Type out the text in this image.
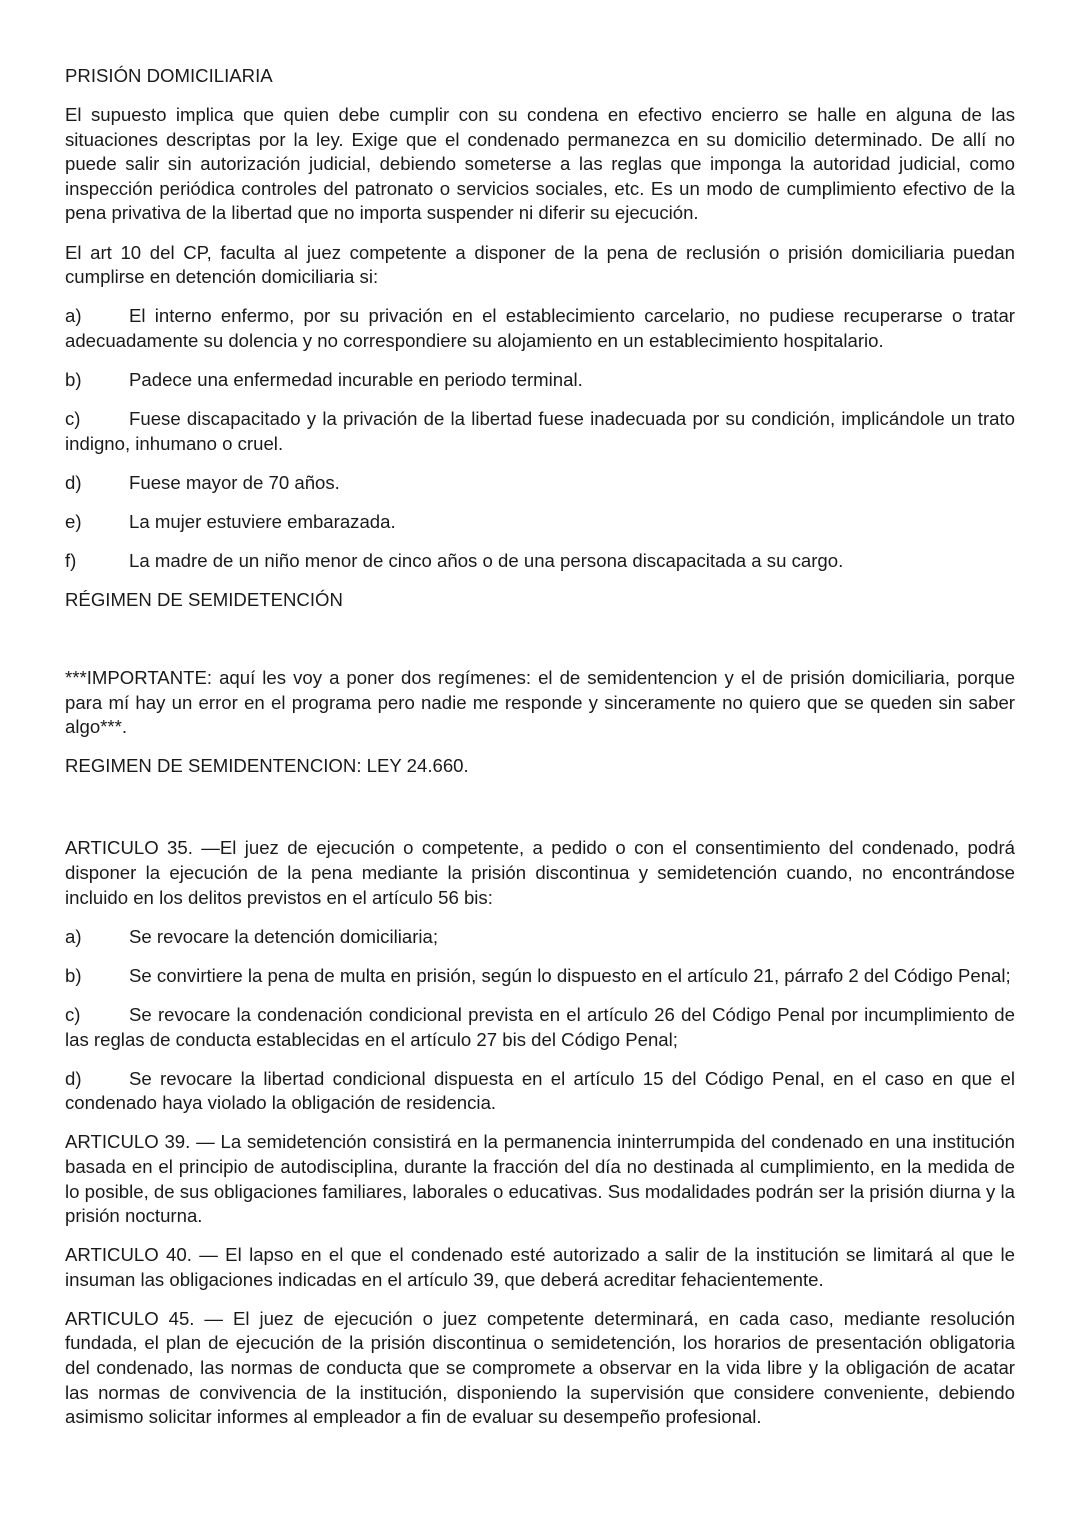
PRISIÓN DOMICILIARIA

El supuesto implica que quien debe cumplir con su condena en efectivo encierro se halle en alguna de las situaciones descriptas por la ley. Exige que el condenado permanezca en su domicilio determinado. De allí no puede salir sin autorización judicial, debiendo someterse a las reglas que imponga la autoridad judicial, como inspección periódica controles del patronato o servicios sociales, etc. Es un modo de cumplimiento efectivo de la pena privativa de la libertad que no importa suspender ni diferir su ejecución.

El art 10 del CP, faculta al juez competente a disponer de la pena de reclusión o prisión domiciliaria puedan cumplirse en detención domiciliaria si:

a)	El interno enfermo, por su privación en el establecimiento carcelario, no pudiese recuperarse o tratar adecuadamente su dolencia y no correspondiere su alojamiento en un establecimiento hospitalario.
b)	Padece una enfermedad incurable en periodo terminal.
c)	Fuese discapacitado y la privación de la libertad fuese inadecuada por su condición, implicándole un trato indigno, inhumano o cruel.
d)	Fuese mayor de 70 años.
e)	La mujer estuviere embarazada.
f)	La madre de un niño menor de cinco años o de una persona discapacitada a su cargo.
RÉGIMEN DE SEMIDETENCIÓN

***IMPORTANTE: aquí les voy a poner dos regímenes: el de semidentencion y el de prisión domiciliaria, porque para mí hay un error en el programa pero nadie me responde y sinceramente no quiero que se queden sin saber algo***.

REGIMEN DE SEMIDENTENCION: LEY 24.660.

ARTICULO 35. —El juez de ejecución o competente, a pedido o con el consentimiento del condenado, podrá disponer la ejecución de la pena mediante la prisión discontinua y semidetención cuando, no encontrándose incluido en los delitos previstos en el artículo 56 bis:

a)	Se revocare la detención domiciliaria;
b)	Se convirtiere la pena de multa en prisión, según lo dispuesto en el artículo 21, párrafo 2 del Código Penal;
c)	Se revocare la condenación condicional prevista en el artículo 26 del Código Penal por incumplimiento de las reglas de conducta establecidas en el artículo 27 bis del Código Penal;
d)	Se revocare la libertad condicional dispuesta en el artículo 15 del Código Penal, en el caso en que el condenado haya violado la obligación de residencia.

ARTICULO 39. — La semidetención consistirá en la permanencia ininterrumpida del condenado en una institución basada en el principio de autodisciplina, durante la fracción del día no destinada al cumplimiento, en la medida de lo posible, de sus obligaciones familiares, laborales o educativas. Sus modalidades podrán ser la prisión diurna y la prisión nocturna.

ARTICULO 40. — El lapso en el que el condenado esté autorizado a salir de la institución se limitará al que le insuman las obligaciones indicadas en el artículo 39, que deberá acreditar fehacientemente.

ARTICULO 45. — El juez de ejecución o juez competente determinará, en cada caso, mediante resolución fundada, el plan de ejecución de la prisión discontinua o semidetención, los horarios de presentación obligatoria del condenado, las normas de conducta que se compromete a observar en la vida libre y la obligación de acatar las normas de convivencia de la institución, disponiendo la supervisión que considere conveniente, debiendo asimismo solicitar informes al empleador a fin de evaluar su desempeño profesional.
